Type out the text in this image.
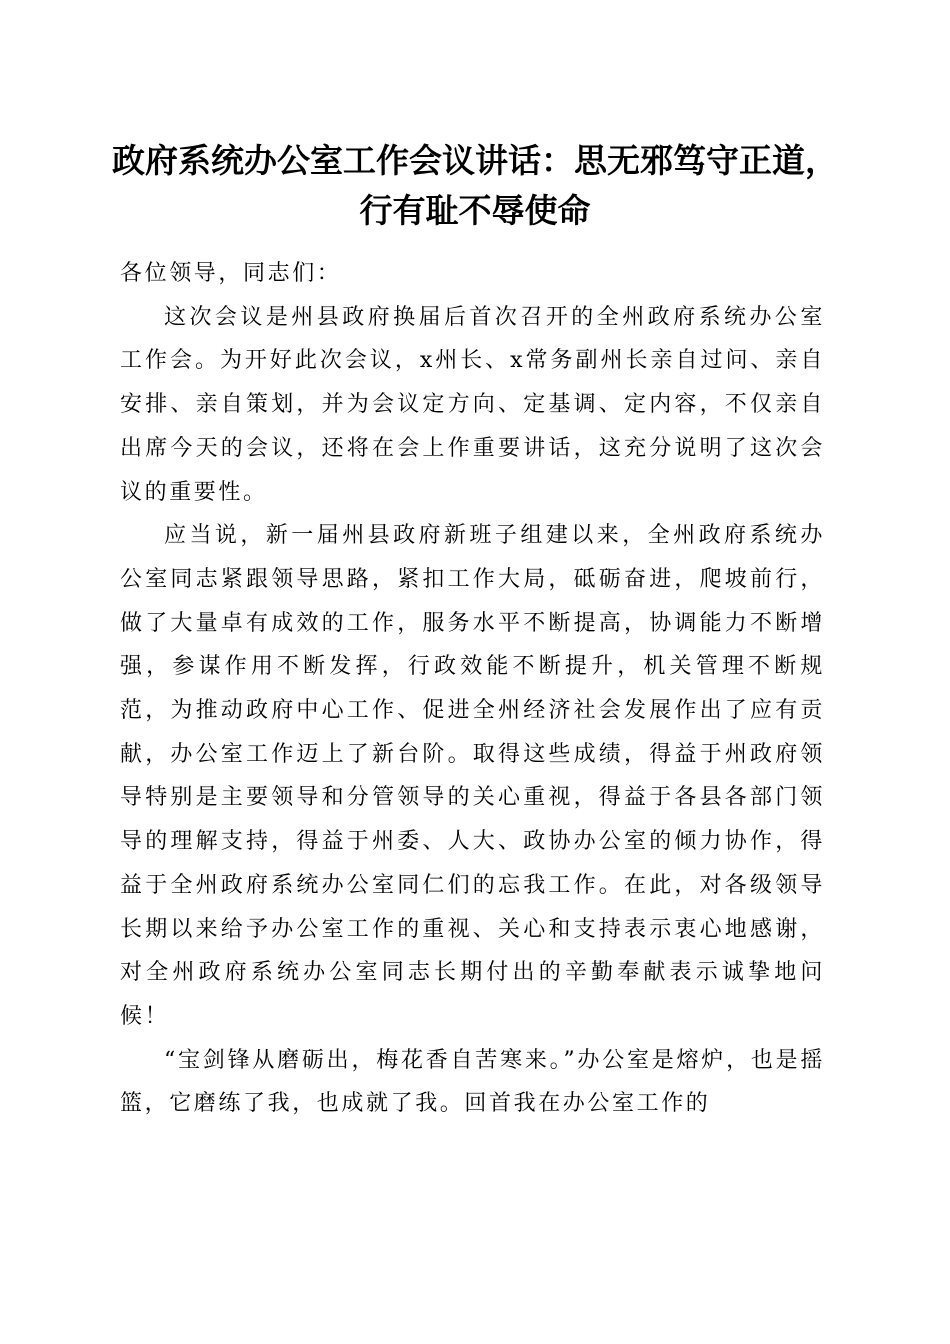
政府系统办公室工作会议讲话：思无邪笃守正道，行有耻不辱使命

各位领导，同志们：

这次会议是州县政府换届后首次召开的全州政府系统办公室工作会。为开好此次会议，x州长、x常务副州长亲自过问、亲自安排、亲自策划，并为会议定方向、定基调、定内容，不仅亲自出席今天的会议，还将在会上作重要讲话，这充分说明了这次会议的重要性。

应当说，新一届州县政府新班子组建以来，全州政府系统办公室同志紧跟领导思路，紧扣工作大局，砥砺奋进，爬坡前行，做了大量卓有成效的工作，服务水平不断提高，协调能力不断增强，参谋作用不断发挥，行政效能不断提升，机关管理不断规范，为推动政府中心工作、促进全州经济社会发展作出了应有贡献，办公室工作迈上了新台阶。取得这些成绩，得益于州政府领导特别是主要领导和分管领导的关心重视，得益于各县各部门领导的理解支持，得益于州委、人大、政协办公室的倾力协作，得益于全州政府系统办公室同仁们的忘我工作。在此，对各级领导长期以来给予办公室工作的重视、关心和支持表示衷心地感谢，对全州政府系统办公室同志长期付出的辛勤奉献表示诚挚地问候！

“宝剑锋从磨砺出，梅花香自苦寒来。”办公室是熔炉，也是摇篮，它磨练了我，也成就了我。回首我在办公室工作的
